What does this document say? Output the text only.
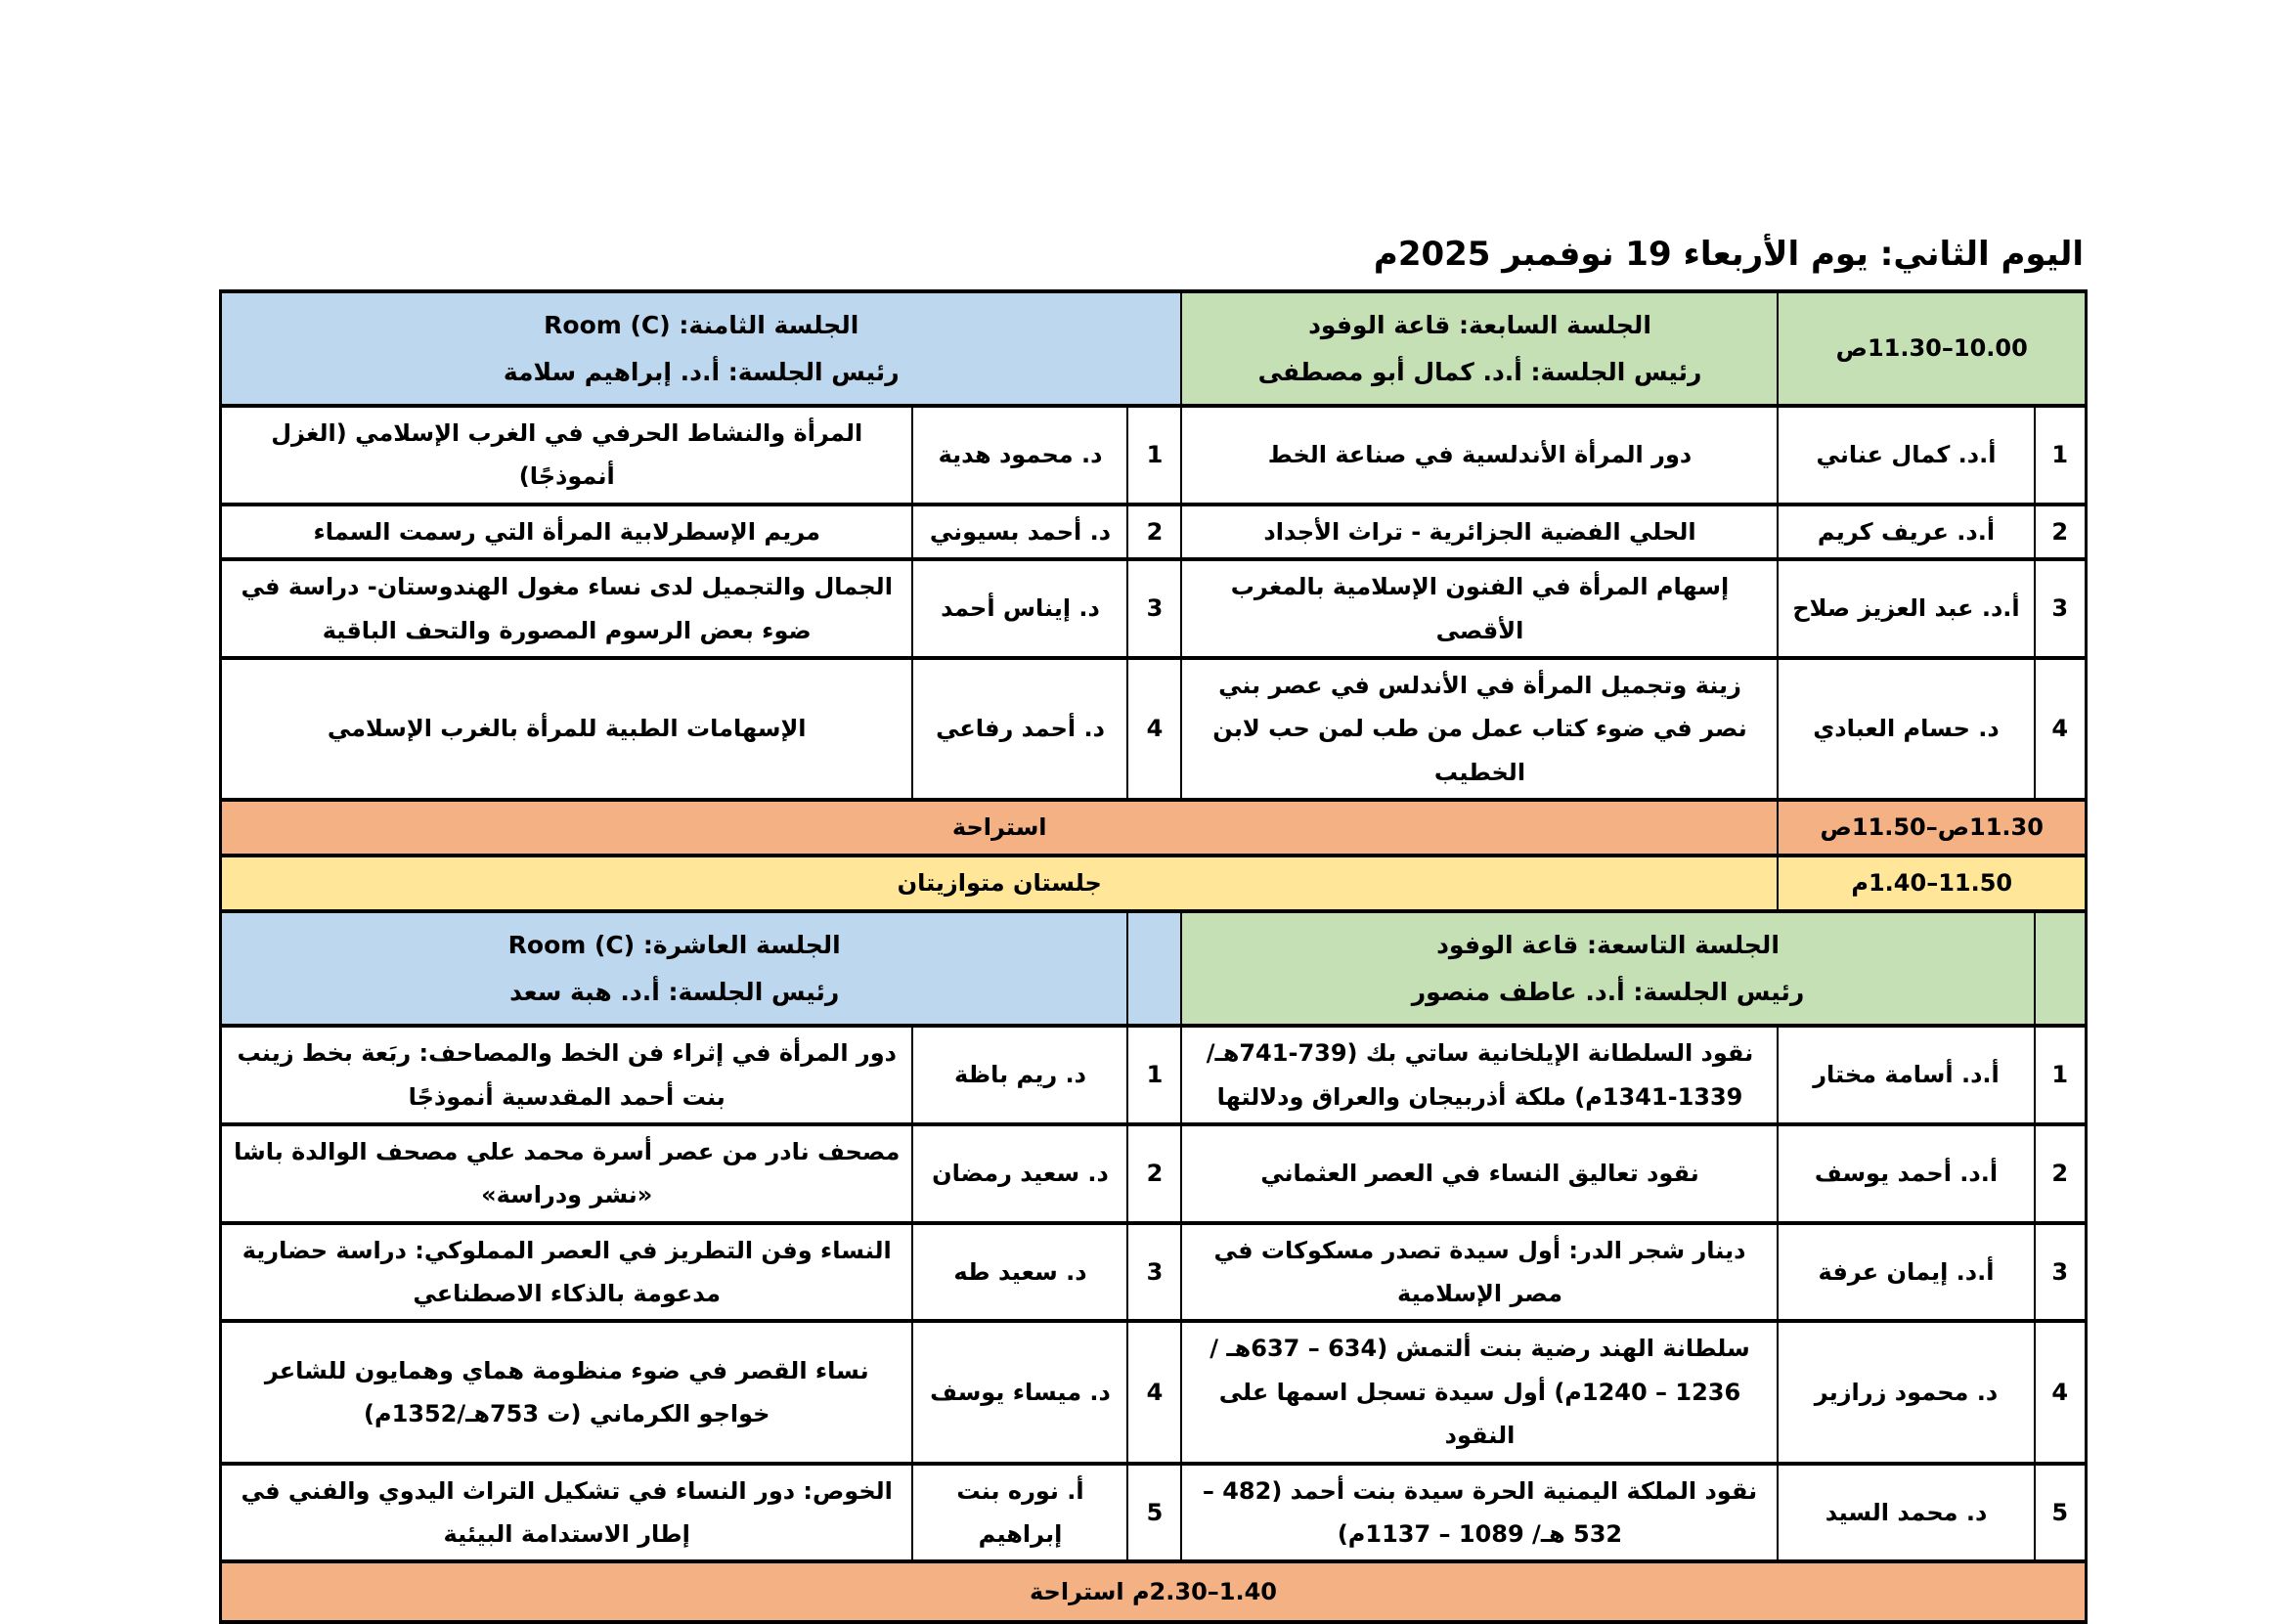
اليوم الثاني: يوم الأربعاء 19 نوفمبر 2025م
10.00–11.30ص	
الجلسة السابعة: قاعة الوفود
رئيس الجلسة: أ.د. كمال أبو مصطفى

الجلسة الثامنة: Room (C)
رئيس الجلسة: أ.د. إبراهيم سلامة

1	أ.د. كمال عناني	دور المرأة الأندلسية في صناعة الخط	1	د. محمود هدية	المرأة والنشاط الحرفي في الغرب الإسلامي (الغزل أنموذجًا)
2	أ.د. عريف كريم	الحلي الفضية الجزائرية - تراث الأجداد	2	د. أحمد بسيوني	مريم الإسطرلابية المرأة التي رسمت السماء
3	أ.د. عبد العزيز صلاح	إسهام المرأة في الفنون الإسلامية بالمغرب الأقصى	3	د. إيناس أحمد	الجمال والتجميل لدى نساء مغول الهندوستان- دراسة في ضوء بعض الرسوم المصورة والتحف الباقية
4	د. حسام العبادي	زينة وتجميل المرأة في الأندلس في عصر بني نصر في ضوء كتاب عمل من طب لمن حب لابن الخطيب	4	د. أحمد رفاعي	الإسهامات الطبية للمرأة بالغرب الإسلامي
11.30ص–11.50ص		استراحة			
11.50–1.40م		جلستان متوازيتان			

الجلسة التاسعة: قاعة الوفود
رئيس الجلسة: أ.د. عاطف منصور

الجلسة العاشرة: Room (C)
رئيس الجلسة: أ.د. هبة سعد

1	أ.د. أسامة مختار	نقود السلطانة الإيلخانية ساتي بك (739-741هـ/ 1339-1341م) ملكة أذربيجان والعراق ودلالتها	1	د. ريم باظة	دور المرأة في إثراء فن الخط والمصاحف: ربَعة بخط زينب بنت أحمد المقدسية أنموذجًا
2	أ.د. أحمد يوسف	نقود تعاليق النساء في العصر العثماني	2	د. سعيد رمضان	مصحف نادر من عصر أسرة محمد علي مصحف الوالدة باشا «نشر ودراسة»
3	أ.د. إيمان عرفة	دينار شجر الدر: أول سيدة تصدر مسكوكات في مصر الإسلامية	3	د. سعيد طه	النساء وفن التطريز في العصر المملوكي: دراسة حضارية مدعومة بالذكاء الاصطناعي
4	د. محمود زرازير	سلطانة الهند رضية بنت ألتمش (634 – 637هـ / 1236 – 1240م) أول سيدة تسجل اسمها على النقود	4	د. ميساء يوسف	نساء القصر في ضوء منظومة هماي وهمايون للشاعر خواجو الكرماني (ت 753هـ/1352م)
5	د. محمد السيد	نقود الملكة اليمنية الحرة سيدة بنت أحمد (482 – 532 هـ/ 1089 – 1137م)	5	أ. نوره بنت إبراهيم	الخوص: دور النساء في تشكيل التراث اليدوي والفني في إطار الاستدامة البيئية
1.40–2.30م استراحة					
